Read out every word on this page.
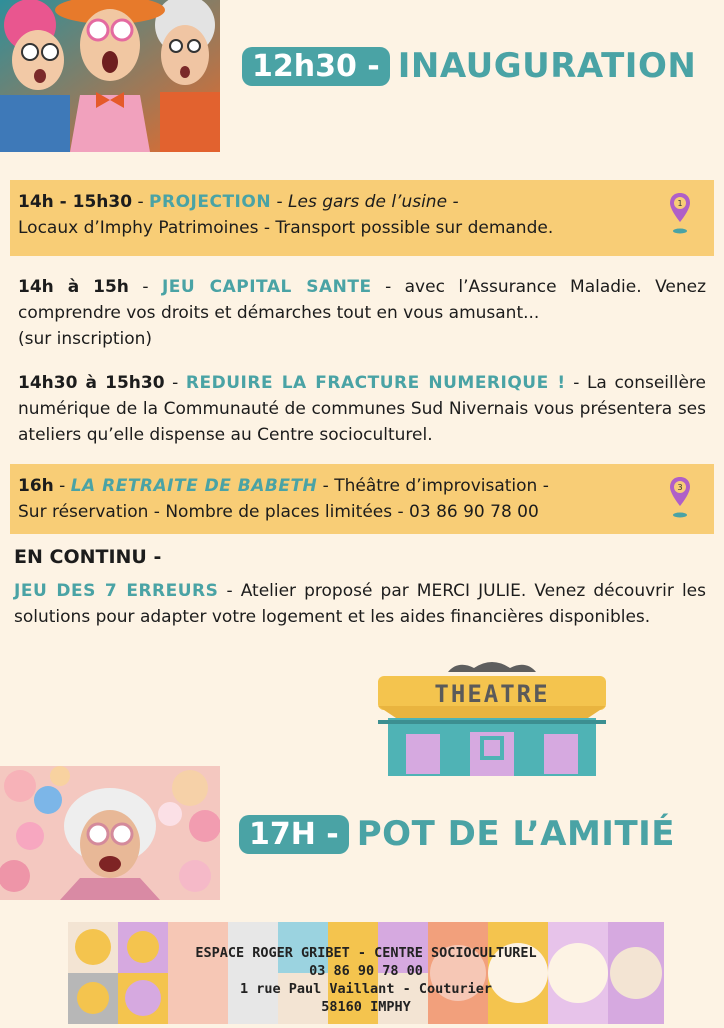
12h30 - INAUGURATION
14h - 15h30 - PROJECTION - Les gars de l’usine -
Locaux d’Imphy Patrimoines - Transport possible sur demande.
1
14h à 15h - JEU CAPITAL SANTE - avec l’Assurance Maladie. Venez comprendre vos droits et démarches tout en vous amusant...
(sur inscription)
14h30 à 15h30 - REDUIRE LA FRACTURE NUMERIQUE ! - La conseillère numérique de la Communauté de communes Sud Nivernais vous présentera ses ateliers qu’elle dispense au Centre socioculturel.
16h - LA RETRAITE DE BABETH - Théâtre d’improvisation -
Sur réservation - Nombre de places limitées - 03 86 90 78 00
3
EN CONTINU -
JEU DES 7 ERREURS - Atelier proposé par MERCI JULIE. Venez découvrir les solutions pour adapter votre logement et les aides financières disponibles.
THEATRE
17H - POT DE L’AMITIÉ
ESPACE ROGER GRIBET - CENTRE SOCIOCULTUREL
03 86 90 78 00
1 rue Paul Vaillant - Couturier
58160 IMPHY
